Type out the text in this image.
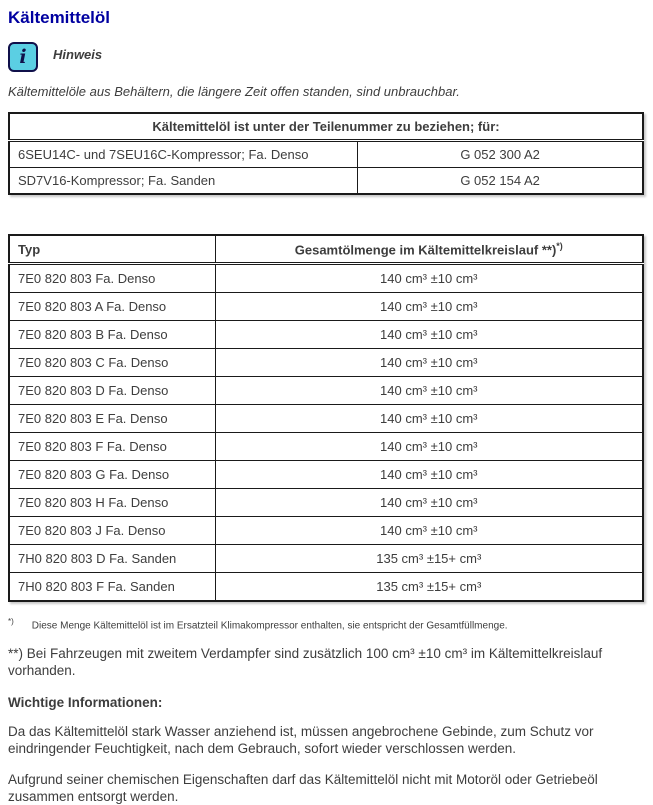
Kältemittelöl
i Hinweis
Kältemittelöle aus Behältern, die längere Zeit offen standen, sind unbrauchbar.
Kältemittelöl ist unter der Teilenummer zu beziehen; für:	
6SEU14C- und 7SEU16C-Kompressor; Fa. Denso	G 052 300 A2
SD7V16-Kompressor; Fa. Sanden	G 052 154 A2
Typ	Gesamtölmenge im Kältemittelkreislauf **)*)
7E0 820 803 Fa. Denso	140 cm³ ±10 cm³
7E0 820 803 A Fa. Denso	140 cm³ ±10 cm³
7E0 820 803 B Fa. Denso	140 cm³ ±10 cm³
7E0 820 803 C Fa. Denso	140 cm³ ±10 cm³
7E0 820 803 D Fa. Denso	140 cm³ ±10 cm³
7E0 820 803 E Fa. Denso	140 cm³ ±10 cm³
7E0 820 803 F Fa. Denso	140 cm³ ±10 cm³
7E0 820 803 G Fa. Denso	140 cm³ ±10 cm³
7E0 820 803 H Fa. Denso	140 cm³ ±10 cm³
7E0 820 803 J Fa. Denso	140 cm³ ±10 cm³
7H0 820 803 D Fa. Sanden	135 cm³ ±15+ cm³
7H0 820 803 F Fa. Sanden	135 cm³ ±15+ cm³

*) Diese Menge Kältemittelöl ist im Ersatzteil Klimakompressor enthalten, sie entspricht der Gesamtfüllmenge.

**) Bei Fahrzeugen mit zweitem Verdampfer sind zusätzlich 100 cm³ ±10 cm³ im Kältemittelkreislauf vorhanden.

Wichtige Informationen:

Da das Kältemittelöl stark Wasser anziehend ist, müssen angebrochene Gebinde, zum Schutz vor eindringender Feuchtigkeit, nach dem Gebrauch, sofort wieder verschlossen werden.

Aufgrund seiner chemischen Eigenschaften darf das Kältemittelöl nicht mit Motoröl oder Getriebeöl zusammen entsorgt werden.
